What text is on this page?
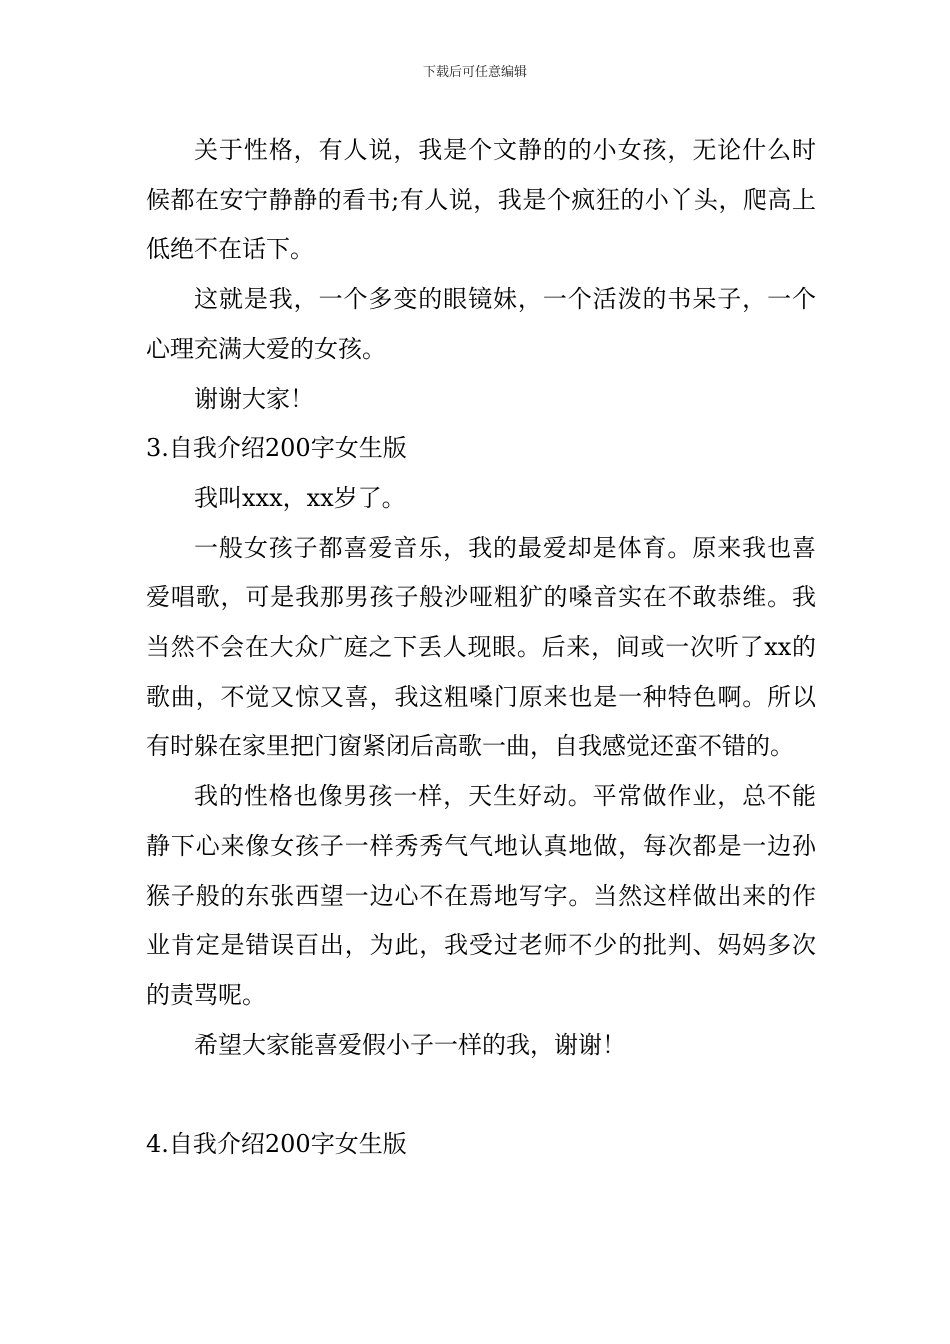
下载后可任意编辑

关于性格，有人说，我是个文静的的小女孩，无论什么时候都在安宁静静的看书;有人说，我是个疯狂的小丫头，爬高上低绝不在话下。

这就是我，一个多变的眼镜妹，一个活泼的书呆子，一个心理充满大爱的女孩。

谢谢大家！

3.自我介绍200字女生版

我叫xxx，xx岁了。

一般女孩子都喜爱音乐，我的最爱却是体育。原来我也喜爱唱歌，可是我那男孩子般沙哑粗犷的嗓音实在不敢恭维。我当然不会在大众广庭之下丢人现眼。后来，间或一次听了xx的歌曲，不觉又惊又喜，我这粗嗓门原来也是一种特色啊。所以有时躲在家里把门窗紧闭后高歌一曲，自我感觉还蛮不错的。

我的性格也像男孩一样，天生好动。平常做作业，总不能静下心来像女孩子一样秀秀气气地认真地做，每次都是一边孙猴子般的东张西望一边心不在焉地写字。当然这样做出来的作业肯定是错误百出，为此，我受过老师不少的批判、妈妈多次的责骂呢。

希望大家能喜爱假小子一样的我，谢谢！

4.自我介绍200字女生版
